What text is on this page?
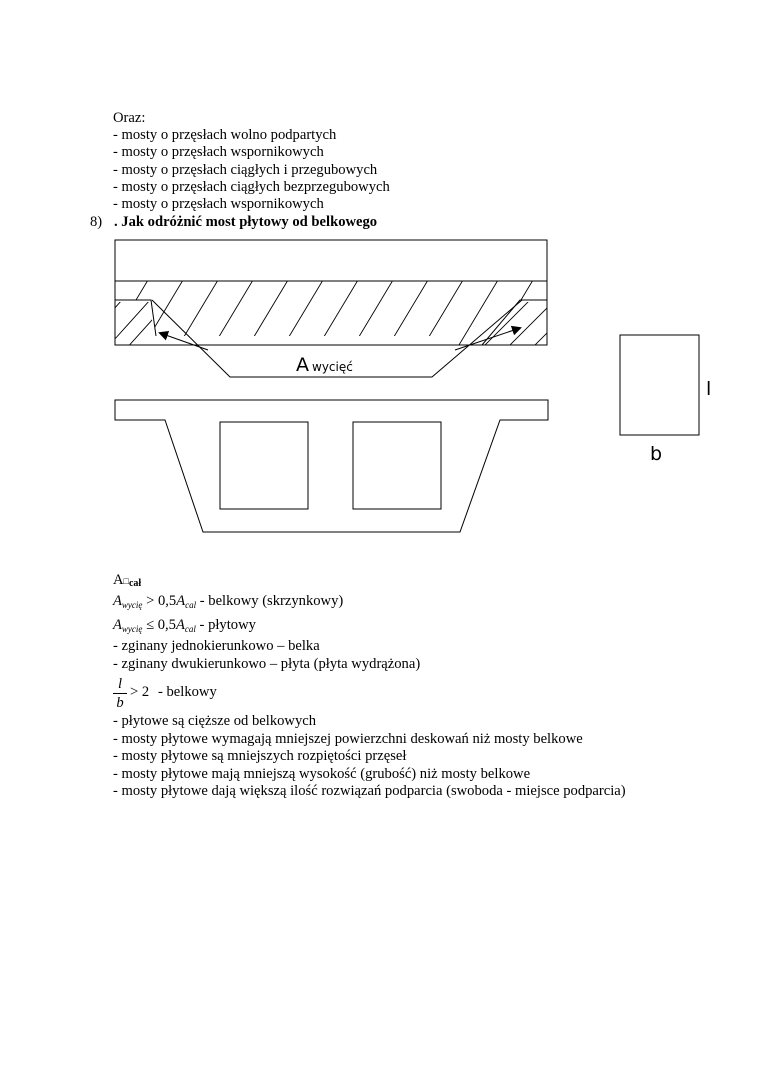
Oraz:
- mosty o przęsłach wolno podpartych
- mosty o przęsłach wspornikowych
- mosty o przęsłach ciągłych i przegubowych
- mosty o przęsłach ciągłych bezprzegubowych
- mosty o przęsłach wspornikowych
8) . Jak odróżnić most płytowy od belkowego
A wycięć
l
b
A□cał
$A_{wycię} > 0,5A_{cal}$ - belkowy (skrzynkowy)
$A_{wycię} \le 0,5A_{cal}$ - płytowy
- zginany jednokierunkowo – belka
- zginany dwukierunkowo – płyta (płyta wydrążona)
l
b
> 2 - belkowy
- płytowe są cięższe od belkowych
- mosty płytowe wymagają mniejszej powierzchni deskowań niż mosty belkowe
- mosty płytowe są mniejszych rozpiętości przęseł
- mosty płytowe mają mniejszą wysokość (grubość) niż mosty belkowe
- mosty płytowe dają większą ilość rozwiązań podparcia (swoboda - miejsce podparcia)
